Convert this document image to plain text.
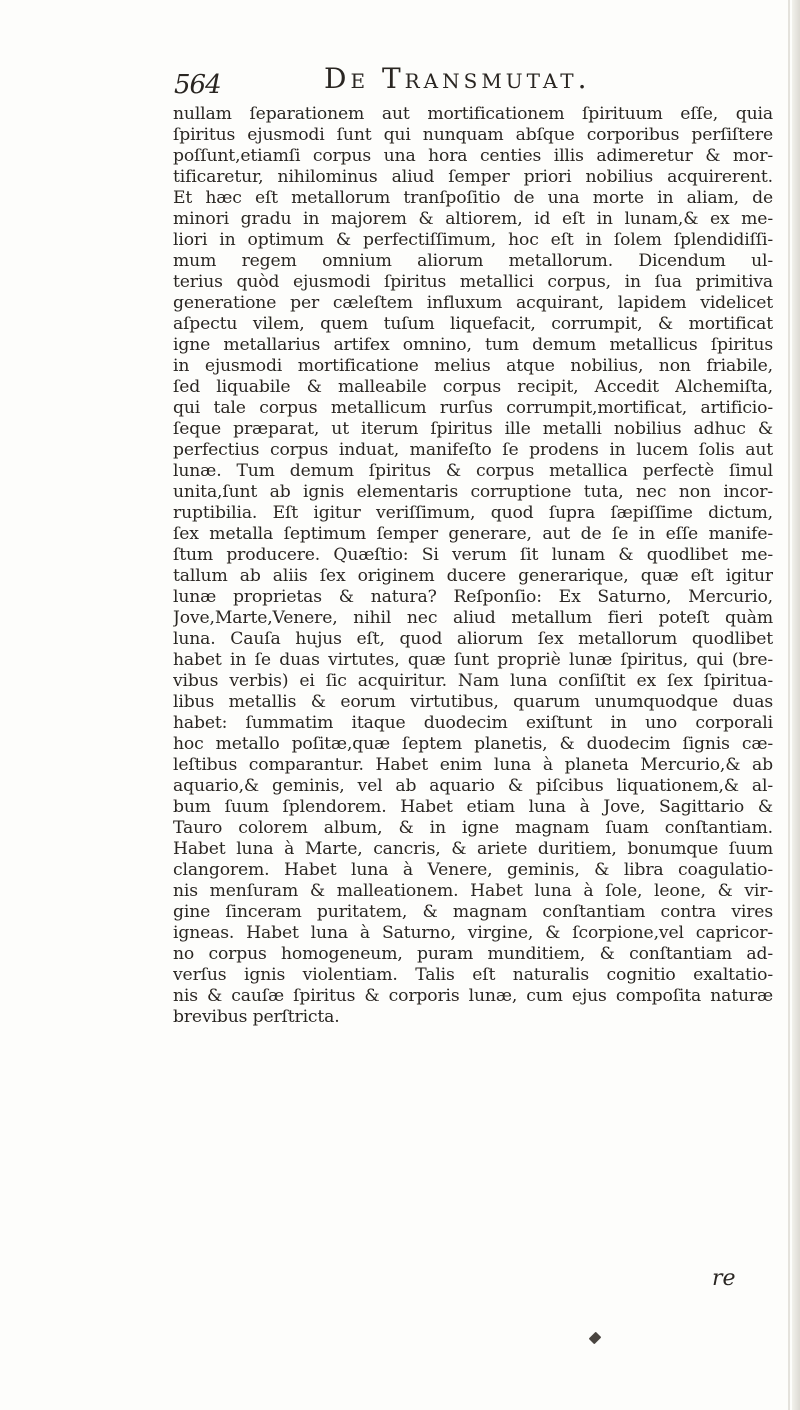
564	De Transmutat.
nullam ſeparationem aut mortificationem ſpirituum eſſe, quia
ſpiritus ejusmodi ſunt qui nunquam abſque corporibus perſiſtere
poſſunt,etiamſi corpus una hora centies illis adimeretur & mor-
tificaretur, nihilominus aliud ſemper priori nobilius acquirerent.
Et hæc eſt metallorum tranſpoſitio de una morte in aliam, de
minori gradu in majorem & altiorem, id eſt in lunam,& ex me-
liori in optimum & perfectiſſimum, hoc eſt in ſolem ſplendidiſſi-
mum regem omnium aliorum metallorum. Dicendum ul-
terius quòd ejusmodi ſpiritus metallici corpus, in ſua primitiva
generatione per cæleſtem influxum acquirant, lapidem videlicet
aſpectu vilem, quem tuſum liquefacit, corrumpit, & mortificat
igne metallarius artifex omnino, tum demum metallicus ſpiritus
in ejusmodi mortificatione melius atque nobilius, non friabile,
ſed liquabile & malleabile corpus recipit, Accedit Alchemiſta,
qui tale corpus metallicum rurſus corrumpit,mortificat, artificio-
ſeque præparat, ut iterum ſpiritus ille metalli nobilius adhuc &
perfectius corpus induat, manifeſto ſe prodens in lucem ſolis aut
lunæ. Tum demum ſpiritus & corpus metallica perfectè ſimul
unita,ſunt ab ignis elementaris corruptione tuta, nec non incor-
ruptibilia. Eſt igitur veriſſimum, quod ſupra ſæpiſſime dictum,
ſex metalla ſeptimum ſemper generare, aut de ſe in eſſe manife-
ſtum producere. Quæſtio: Si verum ſit lunam & quodlibet me-
tallum ab aliis ſex originem ducere generarique, quæ eſt igitur
lunæ proprietas & natura? Reſponſio: Ex Saturno, Mercurio,
Jove,Marte,Venere, nihil nec aliud metallum fieri poteſt quàm
luna. Cauſa hujus eſt, quod aliorum ſex metallorum quodlibet
habet in ſe duas virtutes, quæ ſunt propriè lunæ ſpiritus, qui (bre-
vibus verbis) ei ſic acquiritur. Nam luna conſiſtit ex ſex ſpiritua-
libus metallis & eorum virtutibus, quarum unumquodque duas
habet: ſummatim itaque duodecim exiſtunt in uno corporali
hoc metallo poſitæ,quæ ſeptem planetis, & duodecim ſignis cæ-
leſtibus comparantur. Habet enim luna à planeta Mercurio,& ab
aquario,& geminis, vel ab aquario & piſcibus liquationem,& al-
bum ſuum ſplendorem. Habet etiam luna à Jove, Sagittario &
Tauro colorem album, & in igne magnam ſuam conſtantiam.
Habet luna à Marte, cancris, & ariete duritiem, bonumque ſuum
clangorem. Habet luna à Venere, geminis, & libra coagulatio-
nis menſuram & malleationem. Habet luna à ſole, leone, & vir-
gine ſinceram puritatem, & magnam conſtantiam contra vires
igneas. Habet luna à Saturno, virgine, & ſcorpione,vel capricor-
no corpus homogeneum, puram munditiem, & conſtantiam ad-
verſus ignis violentiam. Talis eſt naturalis cognitio exaltatio-
nis & cauſæ ſpiritus & corporis lunæ, cum ejus compoſita naturæ
brevibus perſtricta.
re
